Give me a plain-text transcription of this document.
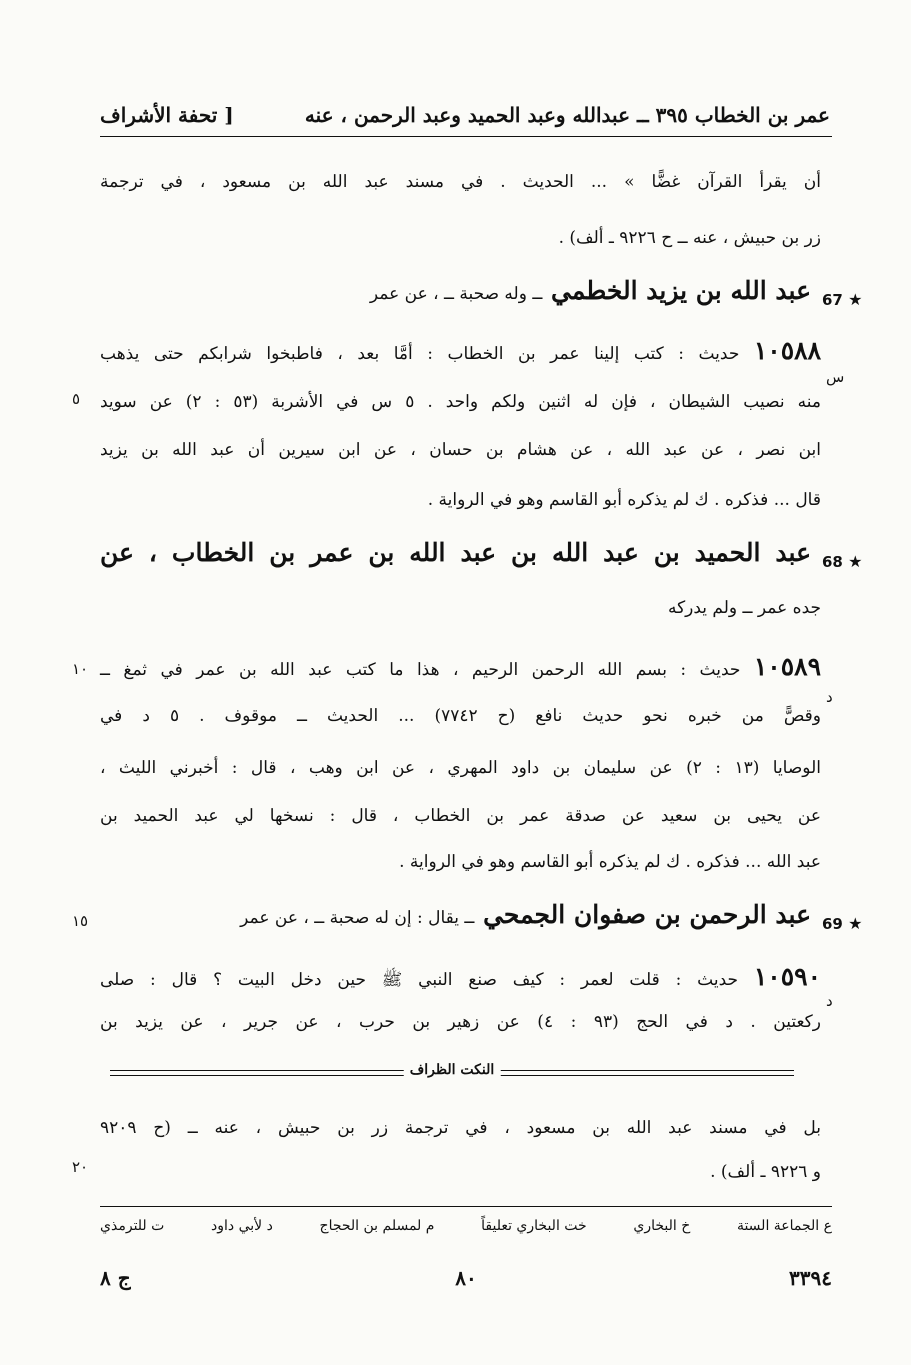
عمر بن الخطاب ٣٩٥ ــ عبدالله وعبد الحميد وعبد الرحمن ، عنه
[ تحفة الأشراف
أن يقرأ القرآن غضًّا » ... الحديث . في مسند عبد الله بن مسعود ، في ترجمة
زر بن حبيش ، عنه ــ ح ٩٢٢٦ ـ ألف) .
67 ★
عبد الله بن يزيد الخطمي ــ وله صحبة ــ ، عن عمر
١٠٥٨٨ حديث : كتب إلينا عمر بن الخطاب : أمَّا بعد ، فاطبخوا شرابكم حتى يذهب
س
منه نصيب الشيطان ، فإن له اثنين ولكم واحد . ٥ س في الأشربة (٥٣ : ٢) عن سويد
٥
ابن نصر ، عن عبد الله ، عن هشام بن حسان ، عن ابن سيرين أن عبد الله بن يزيد
قال ... فذكره . ك لم يذكره أبو القاسم وهو في الرواية .
68 ★
عبد الحميد بن عبد الله بن عبد الله بن عمر بن الخطاب ، عن
جده عمر ــ ولم يدركه
١٠٥٨٩ حديث : بسم الله الرحمن الرحيم ، هذا ما كتب عبد الله بن عمر في ثمغ ــ
١٠
د
وقصًّ من خبره نحو حديث نافع (ح ٧٧٤٢) ... الحديث ــ موقوف . ٥ د في
الوصايا (١٣ : ٢) عن سليمان بن داود المهري ، عن ابن وهب ، قال : أخبرني الليث ،
عن يحيى بن سعيد عن صدقة عمر بن الخطاب ، قال : نسخها لي عبد الحميد بن
عبد الله ... فذكره . ك لم يذكره أبو القاسم وهو في الرواية .
69 ★
عبد الرحمن بن صفوان الجمحي ــ يقال : إن له صحبة ــ ، عن عمر
١٥
١٠٥٩٠ حديث : قلت لعمر : كيف صنع النبي ﷺ حين دخل البيت ؟ قال : صلى
د
ركعتين . د في الحج (٩٣ : ٤) عن زهير بن حرب ، عن جرير ، عن يزيد بن
النكت الظراف
بل في مسند عبد الله بن مسعود ، في ترجمة زر بن حبيش ، عنه ــ (ح ٩٢٠٩
و ٩٢٢٦ ـ ألف) .
٢٠
ع الجماعة الستة
خ البخاري
خت البخاري تعليقاً
م لمسلم بن الحجاج
د لأبي داود
ت للترمذي
٣٣٩٤
٨٠
ج ٨
